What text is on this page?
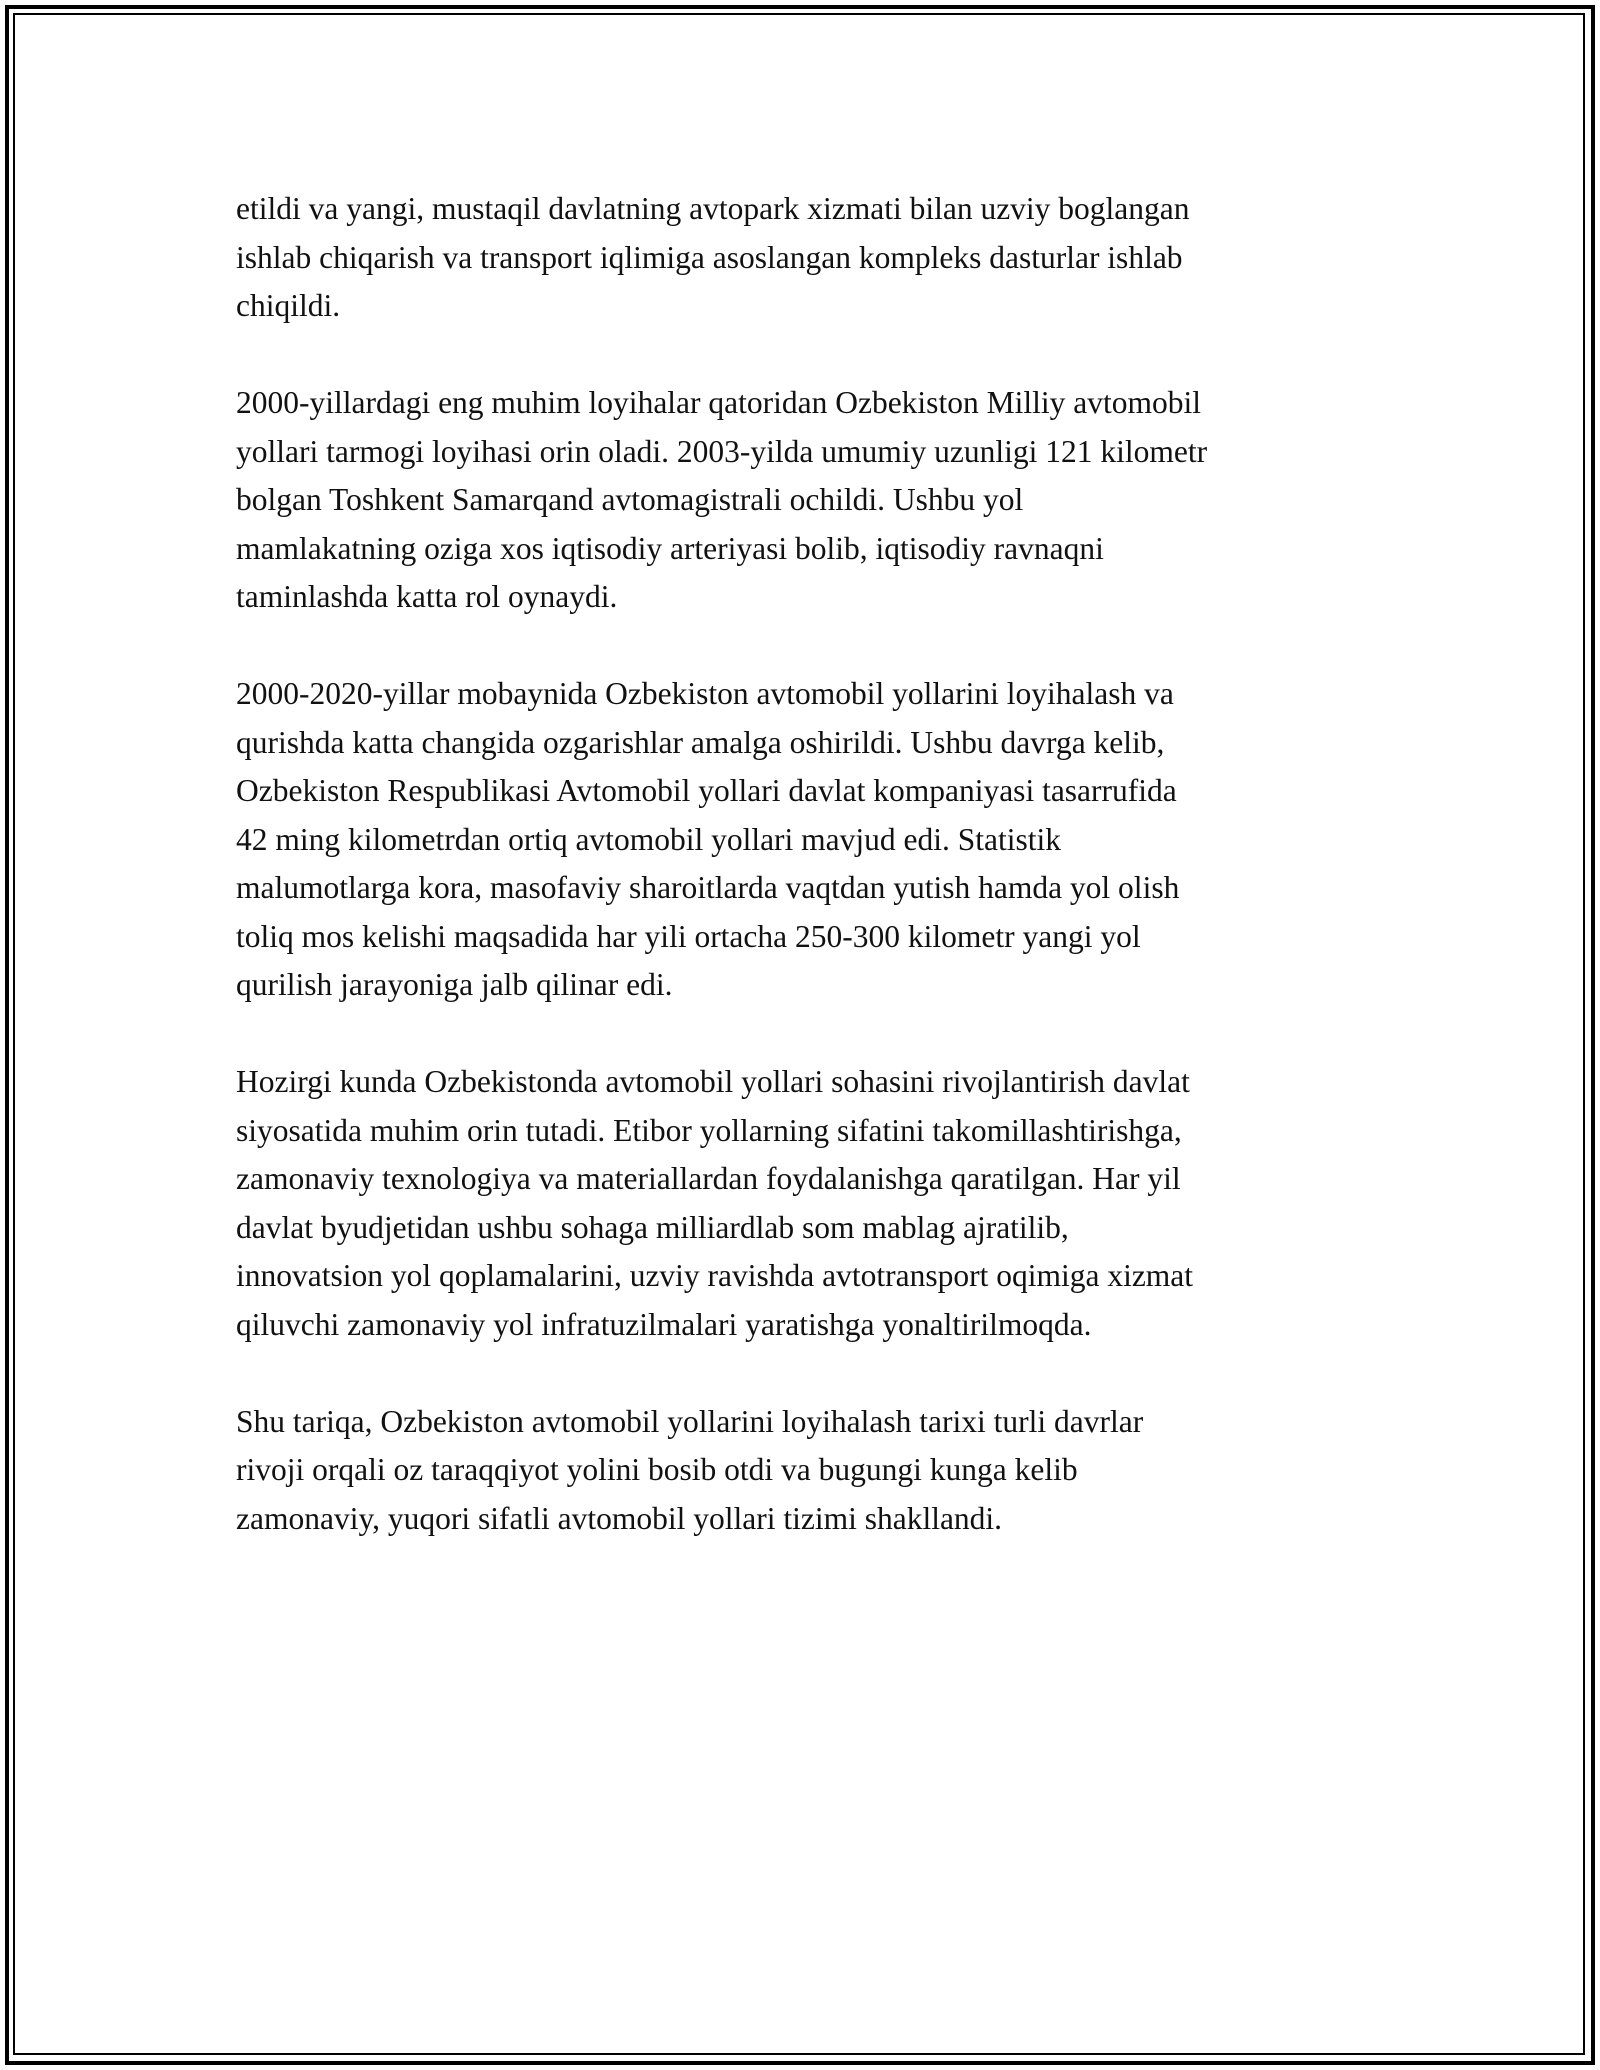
etildi va yangi, mustaqil davlatning avtopark xizmati bilan uzviy boglangan
ishlab chiqarish va transport iqlimiga asoslangan kompleks dasturlar ishlab
chiqildi.

2000-yillardagi eng muhim loyihalar qatoridan Ozbekiston Milliy avtomobil
yollari tarmogi loyihasi orin oladi. 2003-yilda umumiy uzunligi 121 kilometr
bolgan Toshkent Samarqand avtomagistrali ochildi. Ushbu yol
mamlakatning oziga xos iqtisodiy arteriyasi bolib, iqtisodiy ravnaqni
taminlashda katta rol oynaydi.

2000-2020-yillar mobaynida Ozbekiston avtomobil yollarini loyihalash va
qurishda katta changida ozgarishlar amalga oshirildi. Ushbu davrga kelib,
Ozbekiston Respublikasi Avtomobil yollari davlat kompaniyasi tasarrufida
42 ming kilometrdan ortiq avtomobil yollari mavjud edi. Statistik
malumotlarga kora, masofaviy sharoitlarda vaqtdan yutish hamda yol olish
toliq mos kelishi maqsadida har yili ortacha 250-300 kilometr yangi yol
qurilish jarayoniga jalb qilinar edi.

Hozirgi kunda Ozbekistonda avtomobil yollari sohasini rivojlantirish davlat
siyosatida muhim orin tutadi. Etibor yollarning sifatini takomillashtirishga,
zamonaviy texnologiya va materiallardan foydalanishga qaratilgan. Har yil
davlat byudjetidan ushbu sohaga milliardlab som mablag ajratilib,
innovatsion yol qoplamalarini, uzviy ravishda avtotransport oqimiga xizmat
qiluvchi zamonaviy yol infratuzilmalari yaratishga yonaltirilmoqda.

Shu tariqa, Ozbekiston avtomobil yollarini loyihalash tarixi turli davrlar
rivoji orqali oz taraqqiyot yolini bosib otdi va bugungi kunga kelib
zamonaviy, yuqori sifatli avtomobil yollari tizimi shakllandi.
